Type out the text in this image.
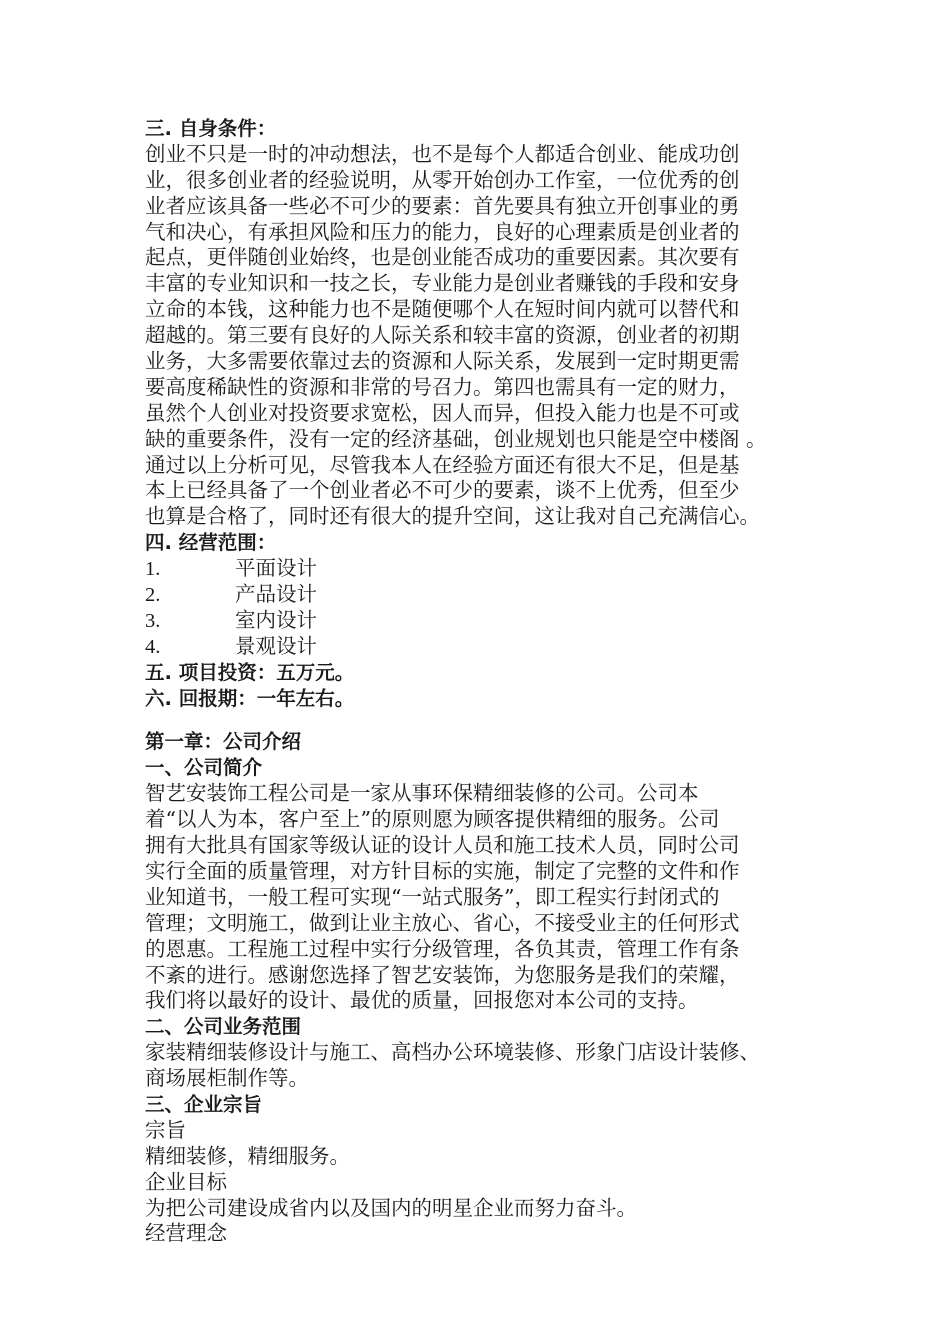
三. 自身条件：
创业不只是一时的冲动想法，也不是每个人都适合创业、能成功创
业，很多创业者的经验说明，从零开始创办工作室，一位优秀的创
业者应该具备一些必不可少的要素：首先要具有独立开创事业的勇
气和决心，有承担风险和压力的能力，良好的心理素质是创业者的
起点，更伴随创业始终，也是创业能否成功的重要因素。其次要有
丰富的专业知识和一技之长，专业能力是创业者赚钱的手段和安身
立命的本钱，这种能力也不是随便哪个人在短时间内就可以替代和
超越的。第三要有良好的人际关系和较丰富的资源，创业者的初期
业务，大多需要依靠过去的资源和人际关系，发展到一定时期更需
要高度稀缺性的资源和非常的号召力。第四也需具有一定的财力，
虽然个人创业对投资要求宽松，因人而异，但投入能力也是不可或
缺的重要条件，没有一定的经济基础，创业规划也只能是空中楼阁 。
通过以上分析可见，尽管我本人在经验方面还有很大不足，但是基
本上已经具备了一个创业者必不可少的要素，谈不上优秀，但至少
也算是合格了，同时还有很大的提升空间，这让我对自己充满信心。
四. 经营范围：
1.	平面设计
2.	产品设计
3.	室内设计
4.	景观设计
五. 项目投资：五万元。
六. 回报期：一年左右。
第一章：公司介绍
一、公司简介
智艺安装饰工程公司是一家从事环保精细装修的公司。公司本
着“以人为本，客户至上”的原则愿为顾客提供精细的服务。公司
拥有大批具有国家等级认证的设计人员和施工技术人员，同时公司
实行全面的质量管理，对方针目标的实施，制定了完整的文件和作
业知道书，一般工程可实现“一站式服务”，即工程实行封闭式的
管理；文明施工，做到让业主放心、省心，不接受业主的任何形式
的恩惠。工程施工过程中实行分级管理，各负其责，管理工作有条
不紊的进行。感谢您选择了智艺安装饰，为您服务是我们的荣耀，
我们将以最好的设计、最优的质量，回报您对本公司的支持。
二、公司业务范围
家装精细装修设计与施工、高档办公环境装修、形象门店设计装修、
商场展柜制作等。
三、企业宗旨
宗旨
精细装修，精细服务。
企业目标
为把公司建设成省内以及国内的明星企业而努力奋斗。
经营理念
